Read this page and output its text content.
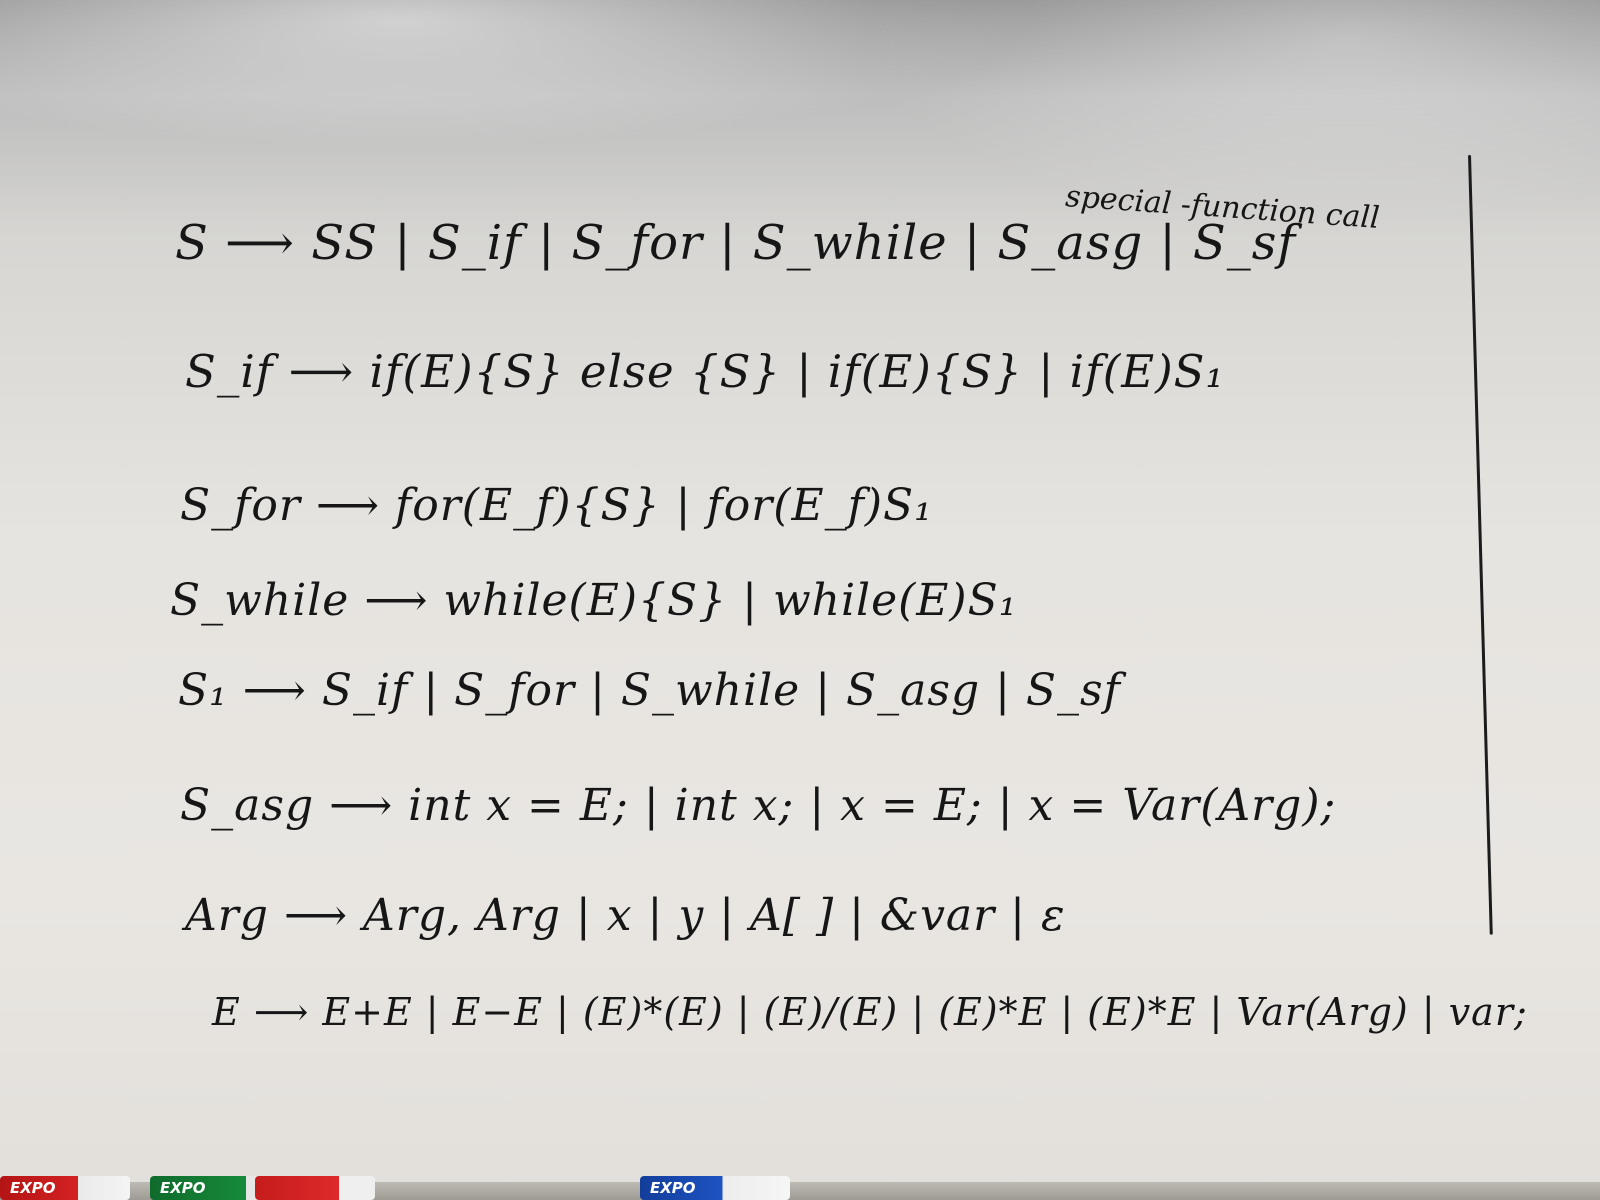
special -function call
S ⟶ SS | S_if | S_for | S_while | S_asg | S_sf
S_if ⟶ if(E){S} else {S} | if(E){S} | if(E)S₁
S_for ⟶ for(E_f){S} | for(E_f)S₁
S_while ⟶ while(E){S} | while(E)S₁
S₁ ⟶ S_if | S_for | S_while | S_asg | S_sf
S_asg ⟶ int x = E; | int x; | x = E; | x = Var(Arg);
Arg ⟶ Arg, Arg | x | y | A[ ] | &var | ε
E ⟶ E+E | E−E | (E)*(E) | (E)/(E) | (E)*E | (E)*E | Var(Arg) | var;
EXPO	EXPO	EXPO
